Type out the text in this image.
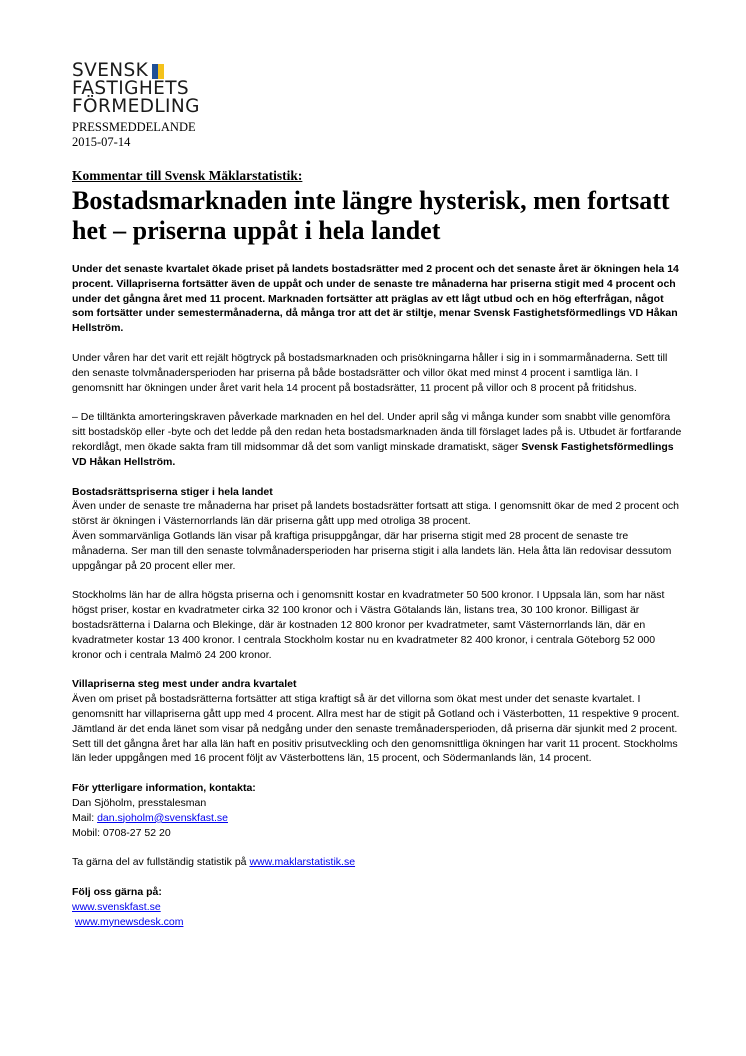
SVENSK
FASTIGHETS
FÖRMEDLING
PRESSMEDDELANDE
2015-07-14
Kommentar till Svensk Mäklarstatistik:
Bostadsmarknaden inte längre hysterisk, men fortsatt het – priserna uppåt i hela landet

Under det senaste kvartalet ökade priset på landets bostadsrätter med 2 procent och det senaste året är ökningen hela 14 procent. Villapriserna fortsätter även de uppåt och under de senaste tre månaderna har priserna stigit med 4 procent och under det gångna året med 11 procent. Marknaden fortsätter att präglas av ett lågt utbud och en hög efterfrågan, något som fortsätter under semestermånaderna, då många tror att det är stiltje, menar Svensk Fastighetsförmedlings VD Håkan Hellström.

Under våren har det varit ett rejält högtryck på bostadsmarknaden och prisökningarna håller i sig in i sommarmånaderna. Sett till den senaste tolvmånadersperioden har priserna på både bostadsrätter och villor ökat med minst 4 procent i samtliga län. I genomsnitt har ökningen under året varit hela 14 procent på bostadsrätter, 11 procent på villor och 8 procent på fritidshus.

– De tilltänkta amorteringskraven påverkade marknaden en hel del. Under april såg vi många kunder som snabbt ville genomföra sitt bostadsköp eller -byte och det ledde på den redan heta bostadsmarknaden ända till förslaget lades på is. Utbudet är fortfarande rekordlågt, men ökade sakta fram till midsommar då det som vanligt minskade dramatiskt, säger Svensk Fastighetsförmedlings VD Håkan Hellström.

Bostadsrättspriserna stiger i hela landet

Även under de senaste tre månaderna har priset på landets bostadsrätter fortsatt att stiga. I genomsnitt ökar de med 2 procent och störst är ökningen i Västernorrlands län där priserna gått upp med otroliga 38 procent.

Även sommarvänliga Gotlands län visar på kraftiga prisuppgångar, där har priserna stigit med 28 procent de senaste tre månaderna. Ser man till den senaste tolvmånadersperioden har priserna stigit i alla landets län. Hela åtta län redovisar dessutom uppgångar på 20 procent eller mer.

Stockholms län har de allra högsta priserna och i genomsnitt kostar en kvadratmeter 50 500 kronor. I Uppsala län, som har näst högst priser, kostar en kvadratmeter cirka 32 100 kronor och i Västra Götalands län, listans trea, 30 100 kronor. Billigast är bostadsrätterna i Dalarna och Blekinge, där är kostnaden 12 800 kronor per kvadratmeter, samt Västernorrlands län, där en kvadratmeter kostar 13 400 kronor. I centrala Stockholm kostar nu en kvadratmeter 82 400 kronor, i centrala Göteborg 52 000 kronor och i centrala Malmö 24 200 kronor.

Villapriserna steg mest under andra kvartalet

Även om priset på bostadsrätterna fortsätter att stiga kraftigt så är det villorna som ökat mest under det senaste kvartalet. I genomsnitt har villapriserna gått upp med 4 procent. Allra mest har de stigit på Gotland och i Västerbotten, 11 respektive 9 procent. Jämtland är det enda länet som visar på nedgång under den senaste tremånadersperioden, då priserna där sjunkit med 2 procent. Sett till det gångna året har alla län haft en positiv prisutveckling och den genomsnittliga ökningen har varit 11 procent. Stockholms län leder uppgången med 16 procent följt av Västerbottens län, 15 procent, och Södermanlands län, 14 procent.

För ytterligare information, kontakta:

Dan Sjöholm, presstalesman

Mail: dan.sjoholm@svenskfast.se

Mobil: 0708-27 52 20

Ta gärna del av fullständig statistik på www.maklarstatistik.se

Följ oss gärna på:

www.svenskfast.se

www.mynewsdesk.com
